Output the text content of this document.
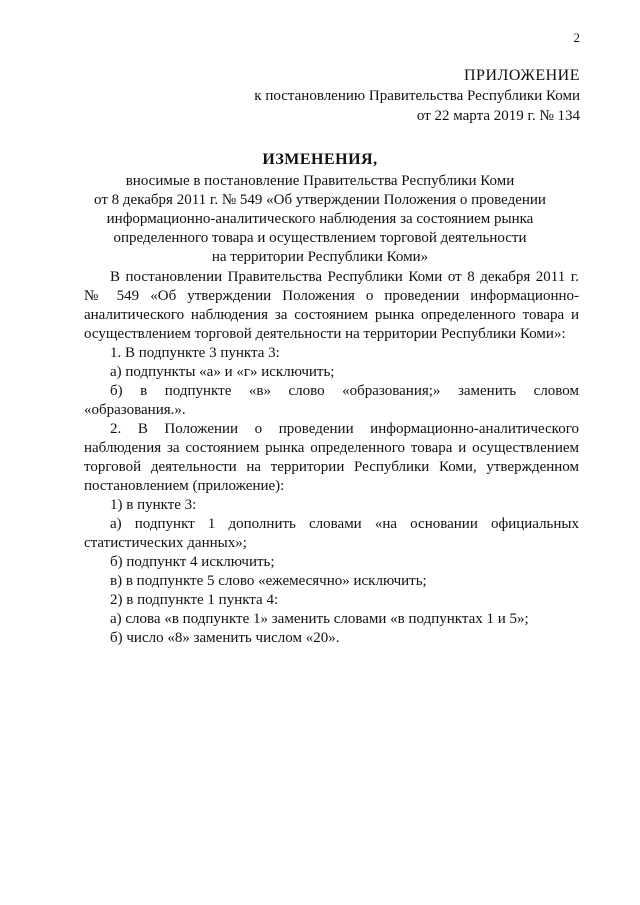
2
ПРИЛОЖЕНИЕ
к постановлению Правительства Республики Коми
от 22 марта 2019 г. № 134
ИЗМЕНЕНИЯ,
вносимые в постановление Правительства Республики Коми
от 8 декабря 2011 г. № 549 «Об утверждении Положения о проведении
информационно-аналитического наблюдения за состоянием рынка
определенного товара и осуществлением торговой деятельности
на территории Республики Коми»

В постановлении Правительства Республики Коми от 8 декабря 2011 г. № 549 «Об утверждении Положения о проведении информационно-аналитического наблюдения за состоянием рынка определенного товара и осуществлением торговой деятельности на территории Республики Коми»:

1. В подпункте 3 пункта 3:

а) подпункты «а» и «г» исключить;

б) в подпункте «в» слово «образования;» заменить словом «образования.».

2. В Положении о проведении информационно-аналитического наблюдения за состоянием рынка определенного товара и осуществлением торговой деятельности на территории Республики Коми, утвержденном постановлением (приложение):

1) в пункте 3:

а) подпункт 1 дополнить словами «на основании официальных статистических данных»;

б) подпункт 4 исключить;

в) в подпункте 5 слово «ежемесячно» исключить;

2) в подпункте 1 пункта 4:

а) слова «в подпункте 1» заменить словами «в подпунктах 1 и 5»;

б) число «8» заменить числом «20».
